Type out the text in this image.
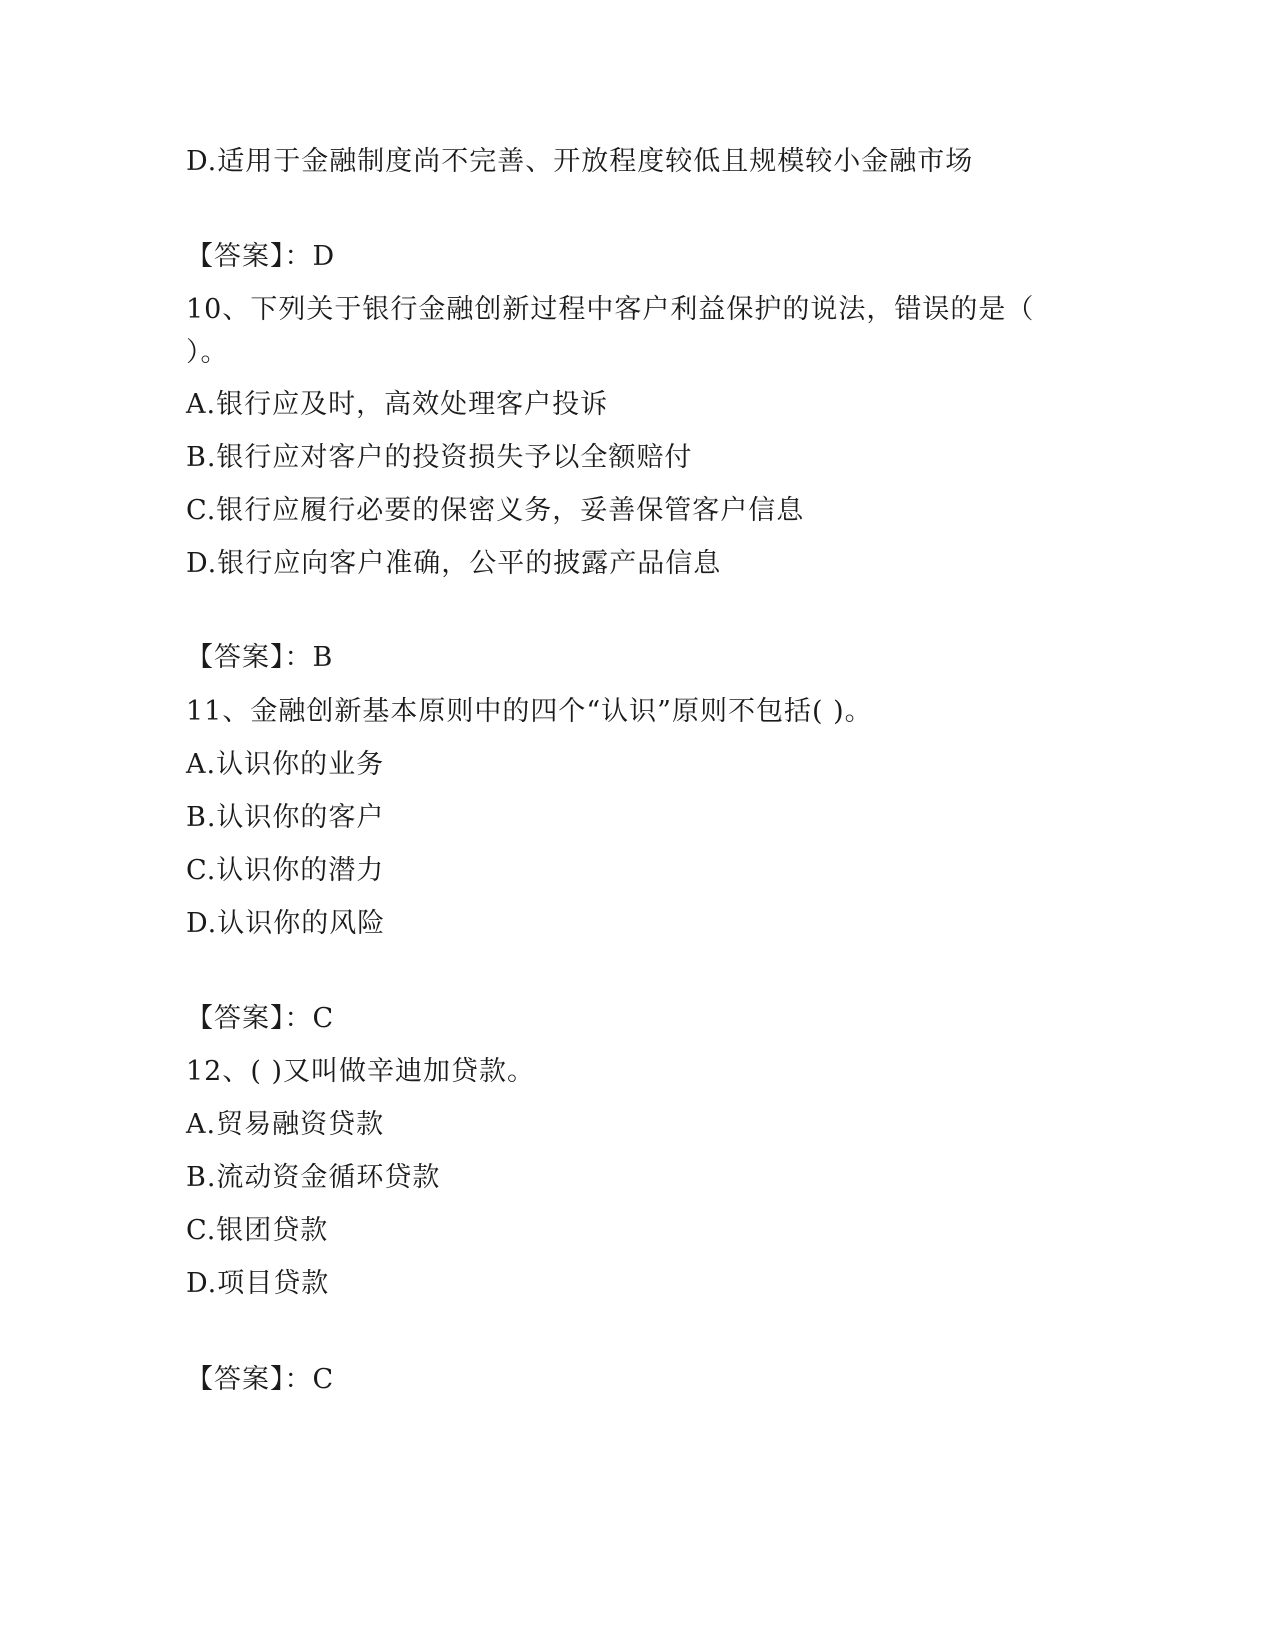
D.适用于金融制度尚不完善、开放程度较低且规模较小金融市场
【答案】：D
10、下列关于银行金融创新过程中客户利益保护的说法，错误的是（
）。
A.银行应及时，高效处理客户投诉
B.银行应对客户的投资损失予以全额赔付
C.银行应履行必要的保密义务，妥善保管客户信息
D.银行应向客户准确，公平的披露产品信息
【答案】：B
11、金融创新基本原则中的四个“认识”原则不包括( )。
A.认识你的业务
B.认识你的客户
C.认识你的潜力
D.认识你的风险
【答案】：C
12、( )又叫做辛迪加贷款。
A.贸易融资贷款
B.流动资金循环贷款
C.银团贷款
D.项目贷款
【答案】：C
